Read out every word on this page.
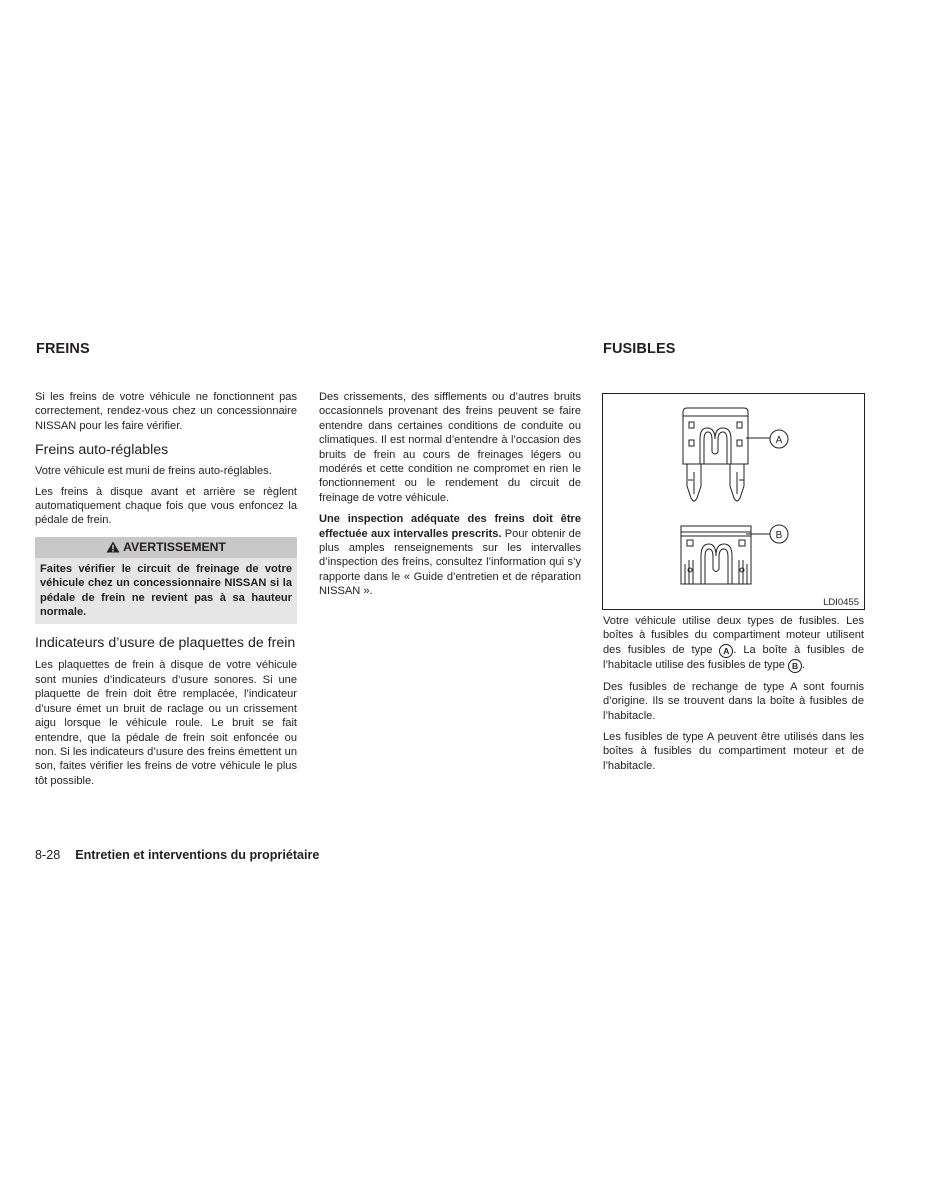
FREINS	FUSIBLES

Si les freins de votre véhicule ne fonctionnent pas correctement, rendez-vous chez un concessionnaire NISSAN pour les faire vérifier.

Freins auto-réglables

Votre véhicule est muni de freins auto-réglables.

Les freins à disque avant et arrière se règlent automatiquement chaque fois que vous enfoncez la pédale de frein.

AVERTISSEMENT
Faites vérifier le circuit de freinage de votre véhicule chez un concessionnaire NISSAN si la pédale de frein ne revient pas à sa hauteur normale.

Indicateurs d’usure de plaquettes de frein

Les plaquettes de frein à disque de votre véhicule sont munies d’indicateurs d’usure sonores. Si une plaquette de frein doit être remplacée, l’indicateur d’usure émet un bruit de raclage ou un crissement aigu lorsque le véhicule roule. Le bruit se fait entendre, que la pédale de frein soit enfoncée ou non. Si les indicateurs d’usure des freins émettent un son, faites vérifier les freins de votre véhicule le plus tôt possible.

Des crissements, des sifflements ou d’autres bruits occasionnels provenant des freins peuvent se faire entendre dans certaines conditions de conduite ou climatiques. Il est normal d’entendre à l’occasion des bruits de frein au cours de freinages légers ou modérés et cette condition ne compromet en rien le fonctionnement ou le rendement du circuit de freinage de votre véhicule.

Une inspection adéquate des freins doit être effectuée aux intervalles prescrits. Pour obtenir de plus amples renseignements sur les intervalles d’inspection des freins, consultez l’information qui s’y rapporte dans le « Guide d’entretien et de réparation NISSAN ».

A
B
LDI0455

Votre véhicule utilise deux types de fusibles. Les boîtes à fusibles du compartiment moteur utilisent des fusibles de type A . La boîte à fusibles de l’habitacle utilise des fusibles de type B .

Des fusibles de rechange de type A sont fournis d’origine. Ils se trouvent dans la boîte à fusibles de l’habitacle.

Les fusibles de type A peuvent être utilisés dans les boîtes à fusibles du compartiment moteur et de l’habitacle.

8-28 Entretien et interventions du propriétaire
